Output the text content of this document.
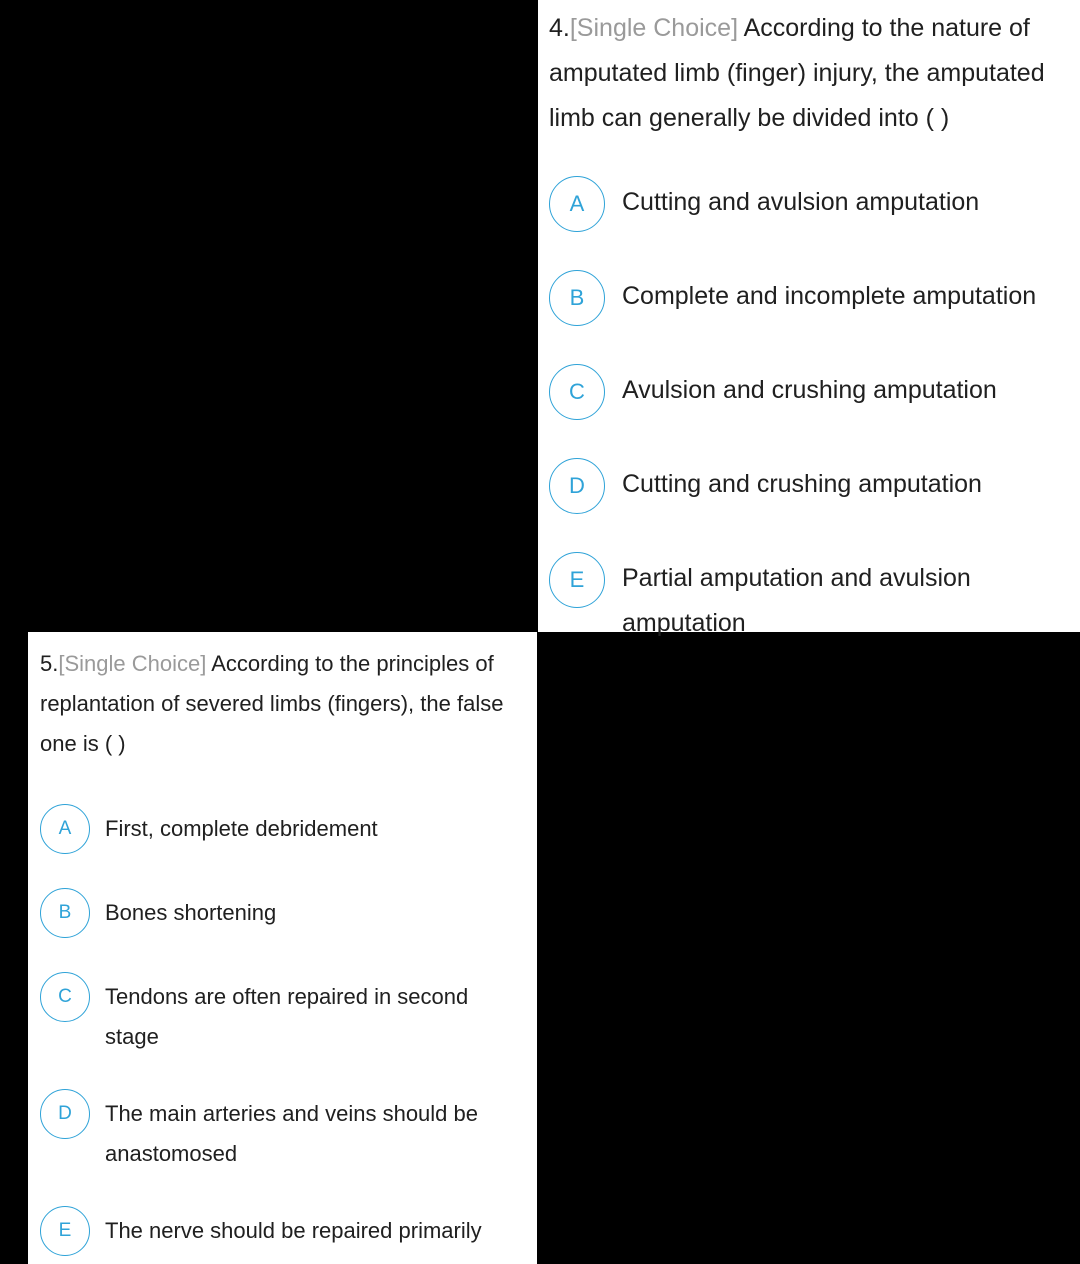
4.[Single Choice] According to the nature of amputated limb (finger) injury, the amputated limb can generally be divided into ( )

A	Cutting and avulsion amputation
B	Complete and incomplete amputation
C	Avulsion and crushing amputation
D	Cutting and crushing amputation
E	Partial amputation and avulsion amputation

5.[Single Choice] According to the principles of replantation of severed limbs (fingers), the false one is ( )

A	First, complete debridement
B	Bones shortening
C	Tendons are often repaired in second stage
D	The main arteries and veins should be anastomosed
E	The nerve should be repaired primarily
